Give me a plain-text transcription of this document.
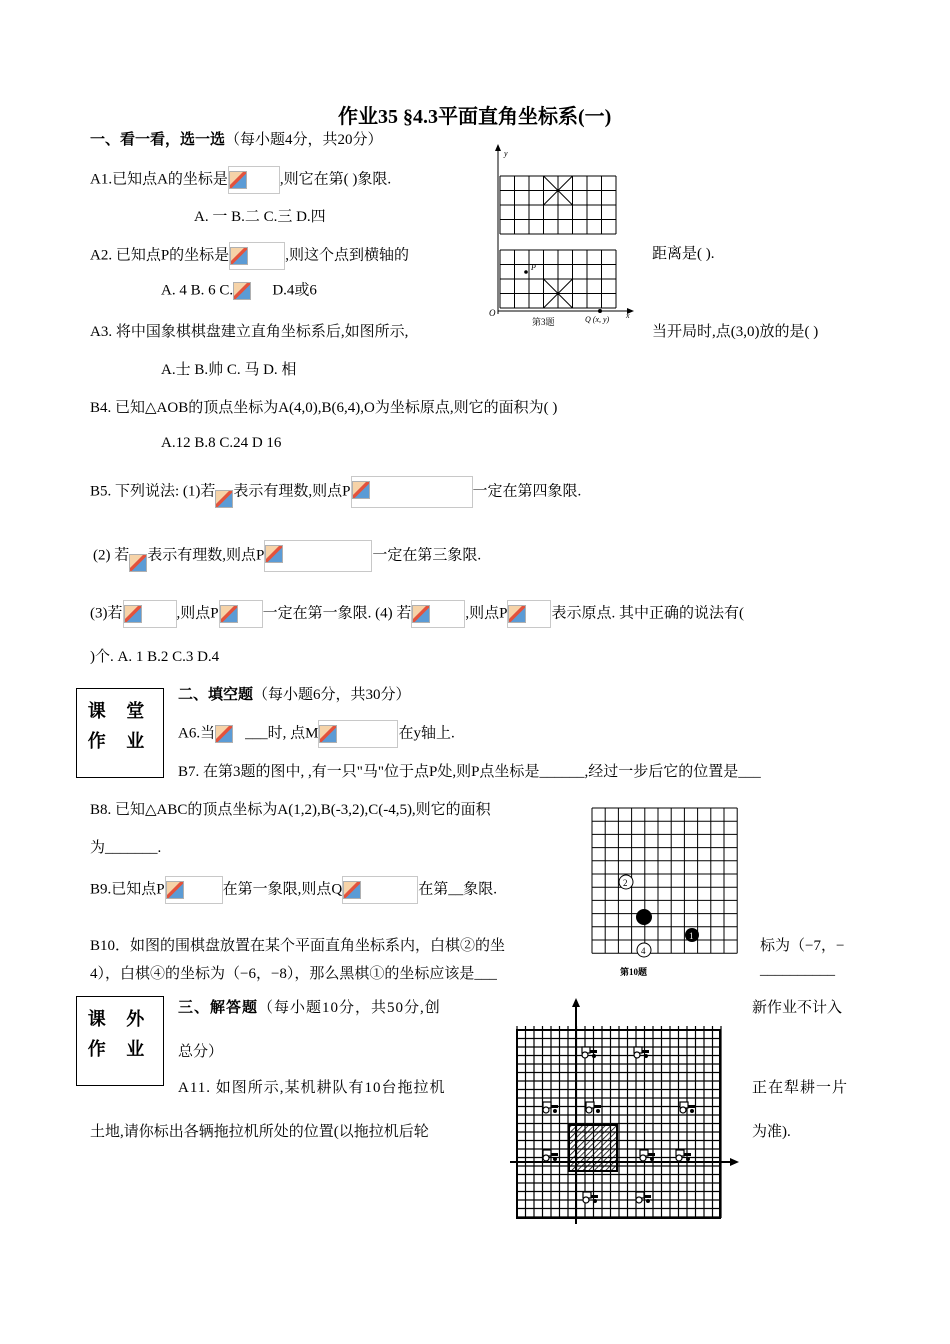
作业35 §4.3平面直角坐标系(一)
一、看一看，选一选（每小题4分，共20分）
A1.已知点A的坐标是	,则它在第( )象限.
A. 一 B.二 C.三 D.四
A2. 已知点P的坐标是	,则这个点到横轴的	距离是( ).
A. 4 B. 6 C.	D.4或6
y
O
P
Q (x, y) x
第3题
A3. 将中国象棋棋盘建立直角坐标系后,如图所示,	当开局时,点(3,0)放的是( )
A.士 B.帅 C. 马 D. 相
B4. 已知△AOB的顶点坐标为A(4,0),B(6,4),O为坐标原点,则它的面积为( )
A.12 B.8 C.24 D 16
B5. 下列说法: (1)若 表示有理数,则点P	一定在第四象限.
(2) 若 表示有理数,则点P	一定在第三象限.
(3)若	,则点P	一定在第一象限. (4) 若	,则点P	表示原点. 其中正确的说法有(
)个. A. 1 B.2 C.3 D.4
课 堂
作 业
二、填空题（每小题6分，共30分）
A6.当 ___时, 点M	在y轴上.
B7. 在第3题的图中, ,有一只"马"位于点P处,则P点坐标是______,经过一步后它的位置是___
B8. 已知△ABC的顶点坐标为A(1,2),B(-3,2),C(-4,5),则它的面积
为_______.
B9.已知点P	在第一象限,则点Q	在第__象限.	2
1
4
第10题
B10．如图的围棋盘放置在某个平面直角坐标系内，白棋②的坐	标为（−7，−
4），白棋④的坐标为（−6，−8），那么黑棋①的坐标应该是___	__________
课 外
作 业
三、解答题（每小题10分，共50分,创	新作业不计入
总分）
A11. 如图所示,某机耕队有10台拖拉机	正在犁耕一片
土地,请你标出各辆拖拉机所处的位置(以拖拉机后轮	为准).
